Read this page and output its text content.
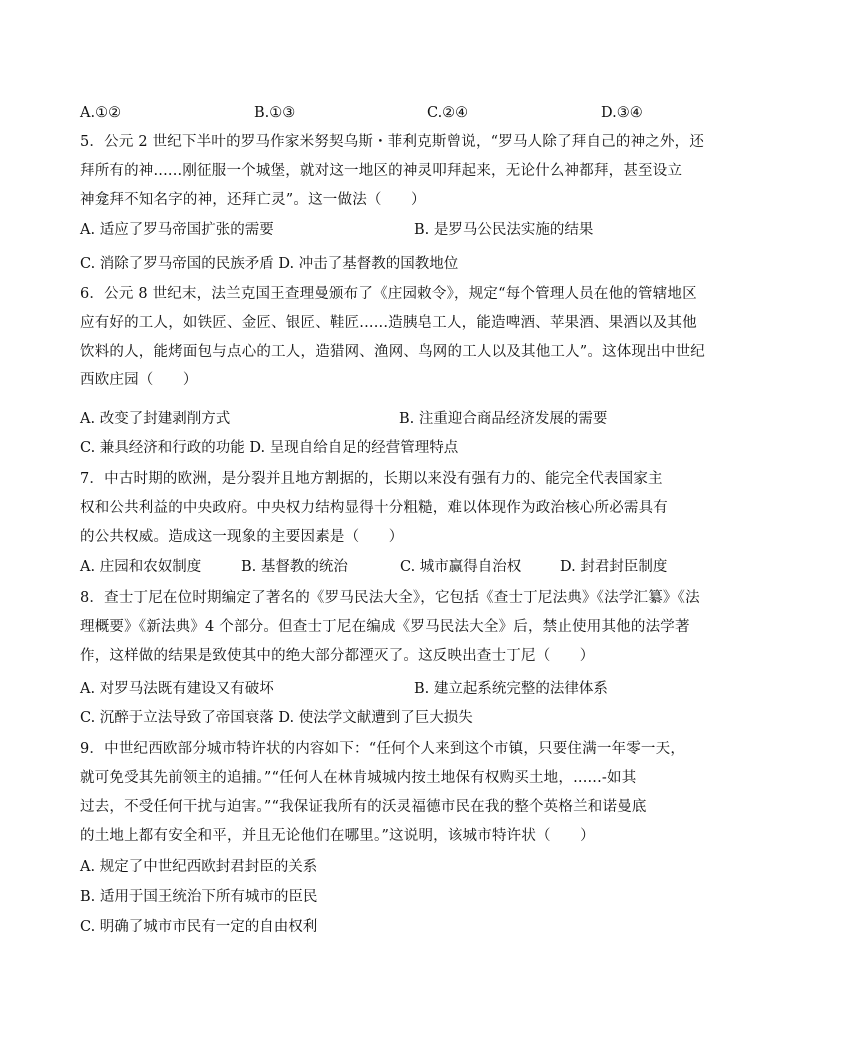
A.①②	B.①③	C.②④	D.③④
5．公元 2 世纪下半叶的罗马作家米努契乌斯・菲利克斯曾说，“罗马人除了拜自己的神之外，还
拜所有的神......刚征服一个城堡，就对这一地区的神灵叩拜起来，无论什么神都拜，甚至设立
神龛拜不知名字的神，还拜亡灵”。这一做法（　　）
A. 适应了罗马帝国扩张的需要	B. 是罗马公民法实施的结果
C. 消除了罗马帝国的民族矛盾 D. 冲击了基督教的国教地位
6．公元 8 世纪末，法兰克国王查理曼颁布了《庄园敕令》，规定“每个管理人员在他的管辖地区
应有好的工人，如铁匠、金匠、银匠、鞋匠......造胰皂工人，能造啤酒、苹果酒、果酒以及其他
饮料的人，能烤面包与点心的工人，造猎网、渔网、鸟网的工人以及其他工人”。这体现出中世纪
西欧庄园（　　）
A. 改变了封建剥削方式	B. 注重迎合商品经济发展的需要
C. 兼具经济和行政的功能 D. 呈现自给自足的经营管理特点
7．中古时期的欧洲，是分裂并且地方割据的，长期以来没有强有力的、能完全代表国家主
权和公共利益的中央政府。中央权力结构显得十分粗糙，难以体现作为政治核心所必需具有
的公共权威。造成这一现象的主要因素是（　　）
A. 庄园和农奴制度	B. 基督教的统治	C. 城市赢得自治权	D. 封君封臣制度
8．查士丁尼在位时期编定了著名的《罗马民法大全》，它包括《查士丁尼法典》《法学汇纂》《法
理概要》《新法典》4 个部分。但查士丁尼在编成《罗马民法大全》后，禁止使用其他的法学著
作，这样做的结果是致使其中的绝大部分都湮灭了。这反映出查士丁尼（　　）
A. 对罗马法既有建设又有破坏	B. 建立起系统完整的法律体系
C. 沉醉于立法导致了帝国衰落 D. 使法学文献遭到了巨大损失
9．中世纪西欧部分城市特许状的内容如下：“任何个人来到这个市镇，只要住满一年零一天，
就可免受其先前领主的追捕。”“任何人在林肯城城内按土地保有权购买土地，......-如其
过去，不受任何干扰与迫害。”“我保证我所有的沃灵福德市民在我的整个英格兰和诺曼底
的土地上都有安全和平，并且无论他们在哪里。”这说明，该城市特许状（　　）
A. 规定了中世纪西欧封君封臣的关系
B. 适用于国王统治下所有城市的臣民
C. 明确了城市市民有一定的自由权利
